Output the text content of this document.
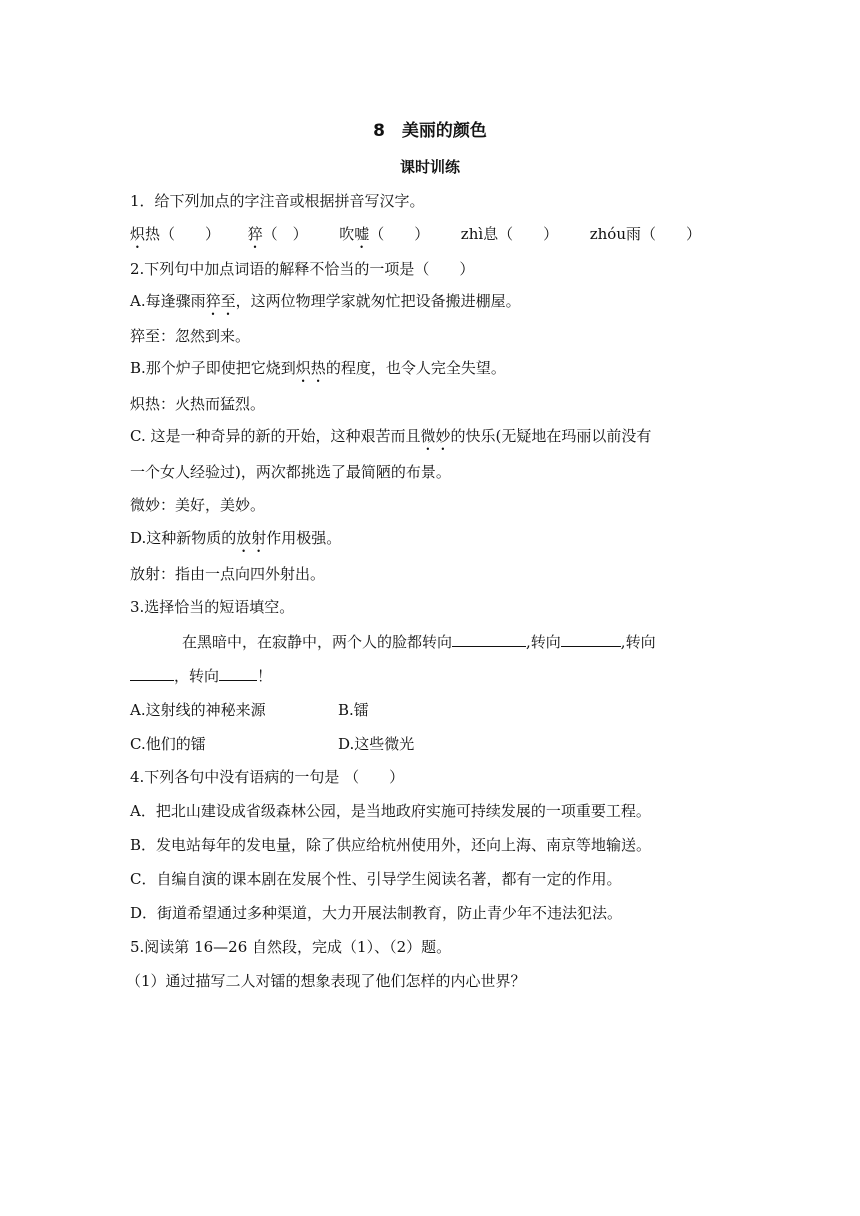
8　美丽的颜色
课时训练
1．给下列加点的字注音或根据拼音写汉字。
炽热（　　） 猝（　） 吹嘘（　　） zhì息（　　） zhóu雨（　　）
2.下列句中加点词语的解释不恰当的一项是（　　）
A.每逢骤雨猝至，这两位物理学家就匆忙把设备搬进棚屋。
猝至：忽然到来。
B.那个炉子即使把它烧到炽热的程度，也令人完全失望。
炽热：火热而猛烈。
C. 这是一种奇异的新的开始，这种艰苦而且微妙的快乐(无疑地在玛丽以前没有
一个女人经验过)，两次都挑选了最简陋的布景。
微妙：美好，美妙。
D.这种新物质的放射作用极强。
放射：指由一点向四外射出。
3.选择恰当的短语填空。
在黑暗中，在寂静中，两个人的脸都转向	,转向	,转向
，转向	！
A.这射线的神秘来源	B.镭
C.他们的镭	D.这些微光
4.下列各句中没有语病的一句是 （　　）
A．把北山建设成省级森林公园，是当地政府实施可持续发展的一项重要工程。
B．发电站每年的发电量，除了供应给杭州使用外，还向上海、南京等地输送。
C．自编自演的课本剧在发展个性、引导学生阅读名著，都有一定的作用。
D．街道希望通过多种渠道，大力开展法制教育，防止青少年不违法犯法。
5.阅读第 16—26 自然段，完成（1）、（2）题。
（1）通过描写二人对镭的想象表现了他们怎样的内心世界？
